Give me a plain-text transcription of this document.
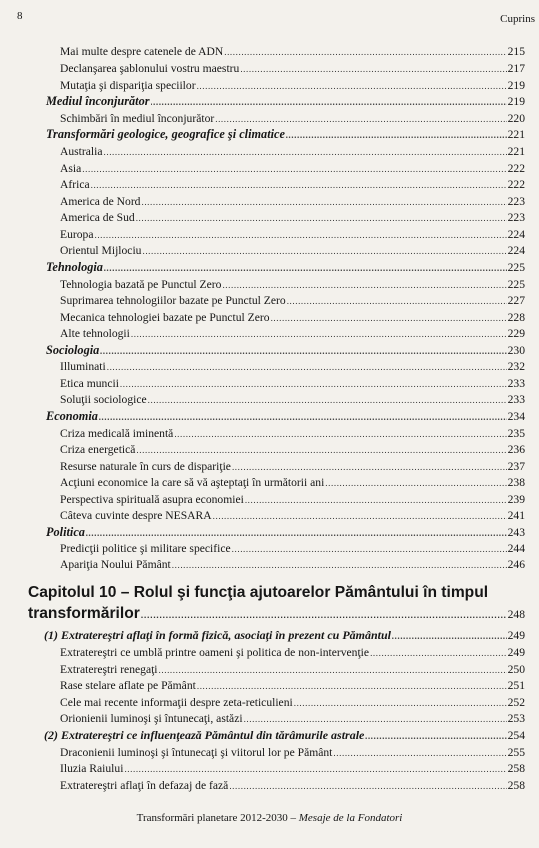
8	Cuprins
Mai multe despre catenele de ADN .....	215
Declanşarea şablonului vostru maestru .....	217
Mutaţia şi dispariţia speciilor .....	219
Mediul înconjurător .....	219
Schimbări în mediul înconjurător .....	220
Transformări geologice, geografice şi climatice .....	221
Australia .....	221
Asia .....	222
Africa .....	222
America de Nord .....	223
America de Sud .....	223
Europa .....	224
Orientul Mijlociu .....	224
Tehnologia .....	225
Tehnologia bazată pe Punctul Zero .....	225
Suprimarea tehnologiilor bazate pe Punctul Zero .....	227
Mecanica tehnologiei bazate pe Punctul Zero .....	228
Alte tehnologii .....	229
Sociologia .....	230
Illuminati .....	232
Etica muncii .....	233
Soluţii sociologice .....	233
Economia .....	234
Criza medicală iminentă .....	235
Criza energetică .....	236
Resurse naturale în curs de dispariţie .....	237
Acţiuni economice la care să vă aşteptaţi în următorii ani .....	238
Perspectiva spirituală asupra economiei .....	239
Câteva cuvinte despre NESARA .....	241
Politica .....	243
Predicţii politice şi militare specifice .....	244
Apariţia Noului Pământ .....	246
Capitolul 10 – Rolul şi funcţia ajutoarelor Pământului în timpul
transformărilor .....	248
(1) Extratereştri aflaţi în formă fizică, asociaţi în prezent cu Pământul .....	249
Extratereştri ce umblă printre oameni şi politica de non-intervenţie .....	249
Extratereştri renegaţi .....	250
Rase stelare aflate pe Pământ .....	251
Cele mai recente informaţii despre zeta-reticulieni .....	252
Orionienii luminoşi şi întunecaţi, astăzi .....	253
(2) Extratereştri ce influenţează Pământul din tărâmurile astrale .....	254
Draconienii luminoşi şi întunecaţi şi viitorul lor pe Pământ .....	255
Iluzia Raiului .....	258
Extratereştri aflaţi în defazaj de fază .....	258
Transformări planetare 2012-2030 – Mesaje de la Fondatori
